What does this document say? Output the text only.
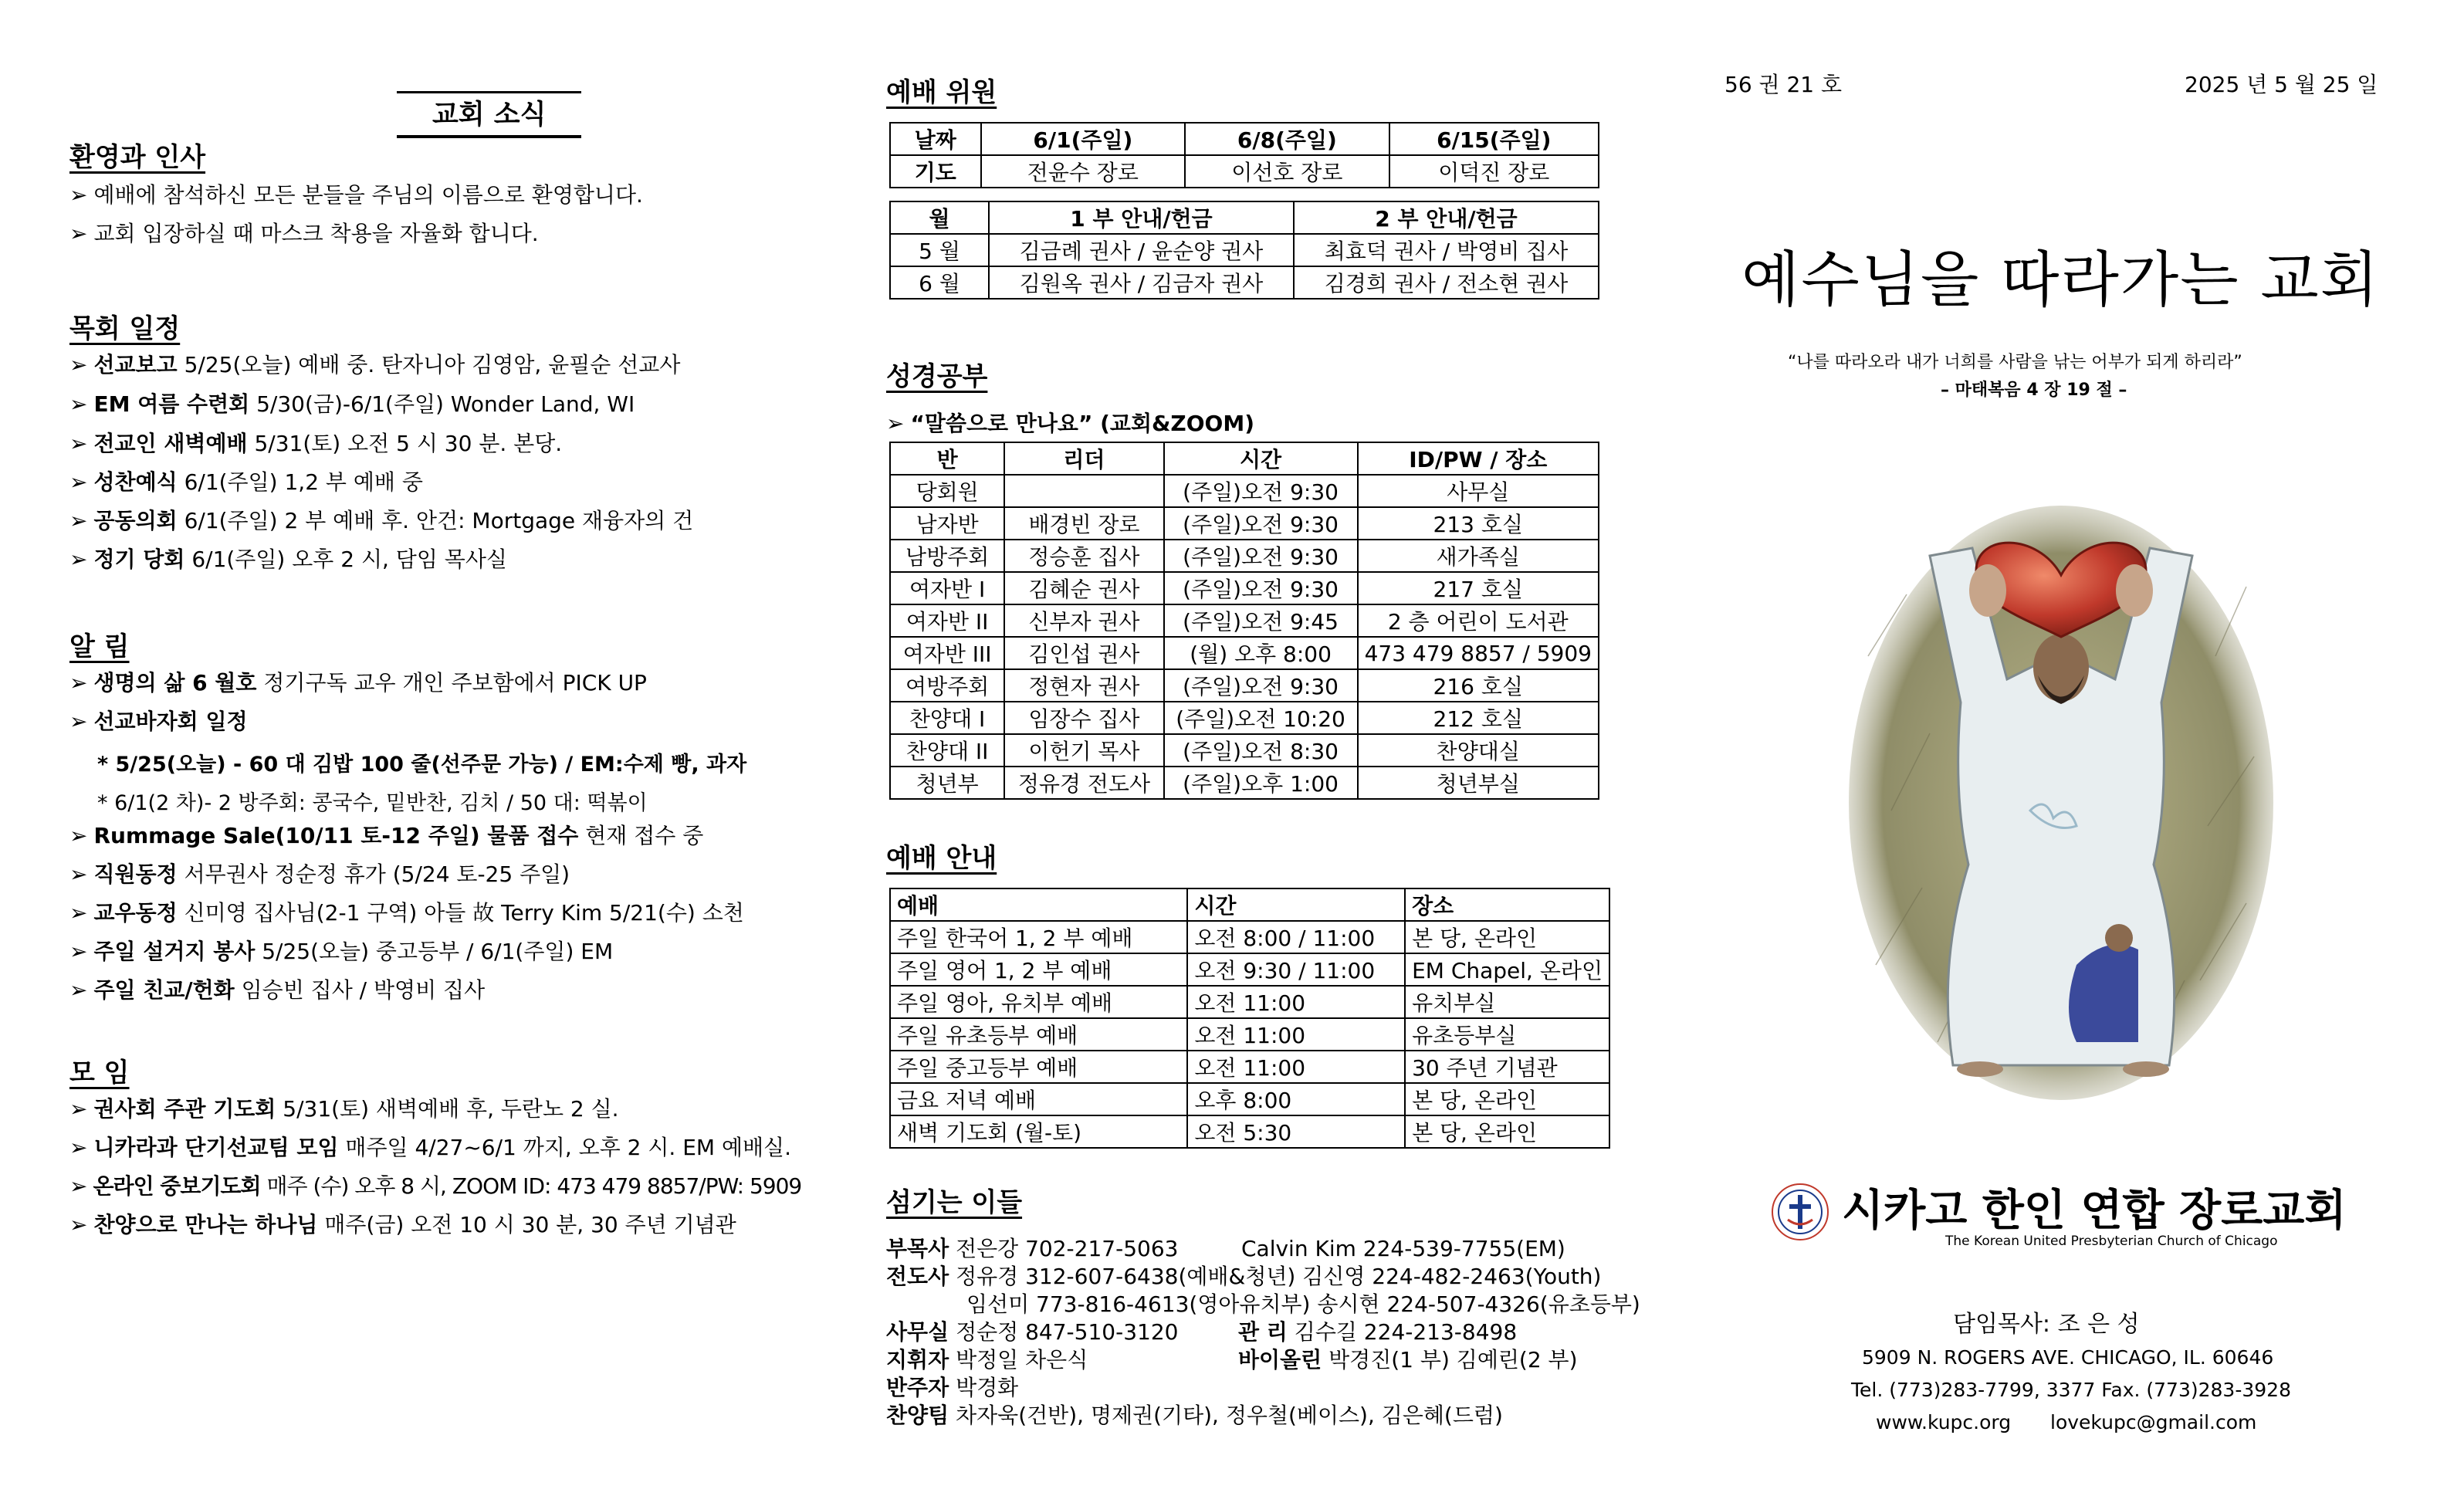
교회 소식
환영과 인사
➢ 예배에 참석하신 모든 분들을 주님의 이름으로 환영합니다.
➢ 교회 입장하실 때 마스크 착용을 자율화 합니다.
목회 일정
➢ 선교보고 5/25(오늘) 예배 중. 탄자니아 김영암, 윤필순 선교사
➢ EM 여름 수련회 5/30(금)-6/1(주일) Wonder Land, WI
➢ 전교인 새벽예배 5/31(토) 오전 5 시 30 분. 본당.
➢ 성찬예식 6/1(주일) 1,2 부 예배 중
➢ 공동의회 6/1(주일) 2 부 예배 후. 안건: Mortgage 재융자의 건
➢ 정기 당회 6/1(주일) 오후 2 시, 담임 목사실
알 림
➢ 생명의 삶 6 월호 정기구독 교우 개인 주보함에서 PICK UP
➢ 선교바자회 일정
* 5/25(오늘) - 60 대 김밥 100 줄(선주문 가능) / EM:수제 빵, 과자
* 6/1(2 차)- 2 방주회: 콩국수, 밑반찬, 김치 / 50 대: 떡볶이
➢ Rummage Sale(10/11 토-12 주일) 물품 접수 현재 접수 중
➢ 직원동정 서무권사 정순정 휴가 (5/24 토-25 주일)
➢ 교우동정 신미영 집사님(2-1 구역) 아들 故 Terry Kim 5/21(수) 소천
➢ 주일 설거지 봉사 5/25(오늘) 중고등부 / 6/1(주일) EM
➢ 주일 친교/헌화 임승빈 집사 / 박영비 집사
모 임
➢ 권사회 주관 기도회 5/31(토) 새벽예배 후, 두란노 2 실.
➢ 니카라과 단기선교팀 모임 매주일 4/27~6/1 까지, 오후 2 시. EM 예배실.
➢ 온라인 중보기도회 매주 (수) 오후 8 시, ZOOM ID: 473 479 8857/PW: 5909
➢ 찬양으로 만나는 하나님 매주(금) 오전 10 시 30 분, 30 주년 기념관
예배 위원
날짜	6/1(주일)	6/8(주일)	6/15(주일)
기도	전윤수 장로	이선호 장로	이덕진 장로
월	1 부 안내/헌금	2 부 안내/헌금
5 월	김금례 권사 / 윤순양 권사	최효덕 권사 / 박영비 집사
6 월	김원옥 권사 / 김금자 권사	김경희 권사 / 전소현 권사
성경공부
➢ “말씀으로 만나요” (교회&ZOOM)
반	리더	시간	ID/PW / 장소
당회원		(주일)오전 9:30	사무실
남자반	배경빈 장로	(주일)오전 9:30	213 호실
남방주회	정승훈 집사	(주일)오전 9:30	새가족실
여자반 I	김혜순 권사	(주일)오전 9:30	217 호실
여자반 II	신부자 권사	(주일)오전 9:45	2 층 어린이 도서관
여자반 III	김인섭 권사	(월) 오후 8:00	473 479 8857 / 5909
여방주회	정현자 권사	(주일)오전 9:30	216 호실
찬양대 I	임장수 집사	(주일)오전 10:20	212 호실
찬양대 II	이헌기 목사	(주일)오전 8:30	찬양대실
청년부	정유경 전도사	(주일)오후 1:00	청년부실
예배 안내
예배	시간	장소
주일 한국어 1, 2 부 예배	오전 8:00 / 11:00	본 당, 온라인
주일 영어 1, 2 부 예배	오전 9:30 / 11:00	EM Chapel, 온라인
주일 영아, 유치부 예배	오전 11:00	유치부실
주일 유초등부 예배	오전 11:00	유초등부실
주일 중고등부 예배	오전 11:00	30 주년 기념관
금요 저녁 예배	오후 8:00	본 당, 온라인
새벽 기도회 (월-토)	오전 5:30	본 당, 온라인
섬기는 이들
부목사 전은강 702-217-5063	Calvin Kim 224-539-7755(EM)
전도사 정유경 312-607-6438(예배&청년) 김신영 224-482-2463(Youth)
임선미 773-816-4613(영아유치부) 송시현 224-507-4326(유초등부)
사무실 정순정 847-510-3120	관 리 김수길 224-213-8498
지휘자 박정일 차은식	바이올린 박경진(1 부) 김예린(2 부)
반주자 박경화
찬양팀 차자욱(건반), 명제권(기타), 정우철(베이스), 김은혜(드럼)
56 권 21 호	2025 년 5 월 25 일
예수님을 따라가는 교회
“나를 따라오라 내가 너희를 사람을 낚는 어부가 되게 하리라”
– 마태복음 4 장 19 절 –
시카고 한인 연합 장로교회
The Korean United Presbyterian Church of Chicago
담임목사: 조 은 성
5909 N. ROGERS AVE. CHICAGO, IL. 60646
Tel. (773)283-7799, 3377 Fax. (773)283-3928
www.kupc.org lovekupc@gmail.com
